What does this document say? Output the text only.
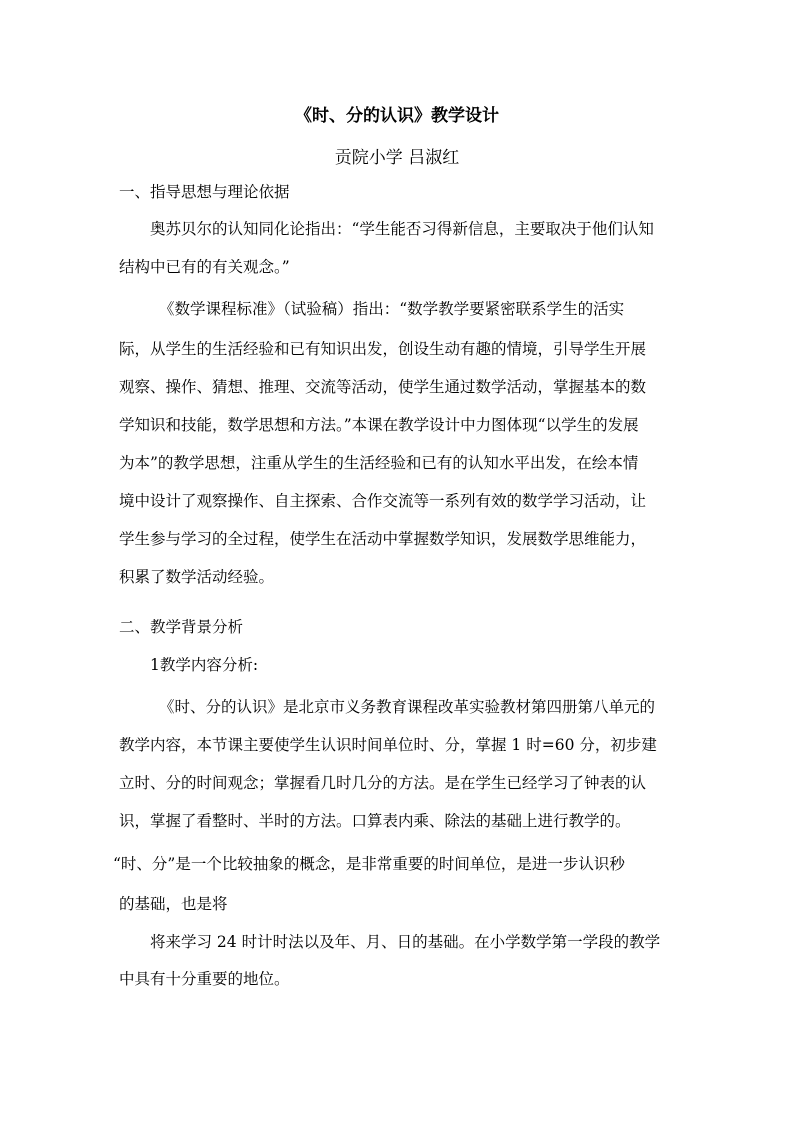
《时、分的认识》教学设计
贡院小学 吕淑红
一、指导思想与理论依据
奥苏贝尔的认知同化论指出：“学生能否习得新信息，主要取决于他们认知
结构中已有的有关观念。”
《数学课程标准》（试验稿）指出：“数学教学要紧密联系学生的活实
际，从学生的生活经验和已有知识出发，创设生动有趣的情境，引导学生开展
观察、操作、猜想、推理、交流等活动，使学生通过数学活动，掌握基本的数
学知识和技能，数学思想和方法。”本课在教学设计中力图体现“以学生的发展
为本”的教学思想，注重从学生的生活经验和已有的认知水平出发，在绘本情
境中设计了观察操作、自主探索、合作交流等一系列有效的数学学习活动，让
学生参与学习的全过程，使学生在活动中掌握数学知识，发展数学思维能力，
积累了数学活动经验。
二、教学背景分析
1教学内容分析:
《时、分的认识》是北京市义务教育课程改革实验教材第四册第八单元的
教学内容，本节课主要使学生认识时间单位时、分，掌握 1 时=60 分，初步建
立时、分的时间观念；掌握看几时几分的方法。是在学生已经学习了钟表的认
识，掌握了看整时、半时的方法。口算表内乘、除法的基础上进行教学的。
“时、分”是一个比较抽象的概念，是非常重要的时间单位，是进一步认识秒
的基础，也是将
将来学习 24 时计时法以及年、月、日的基础。在小学数学第一学段的教学
中具有十分重要的地位。
